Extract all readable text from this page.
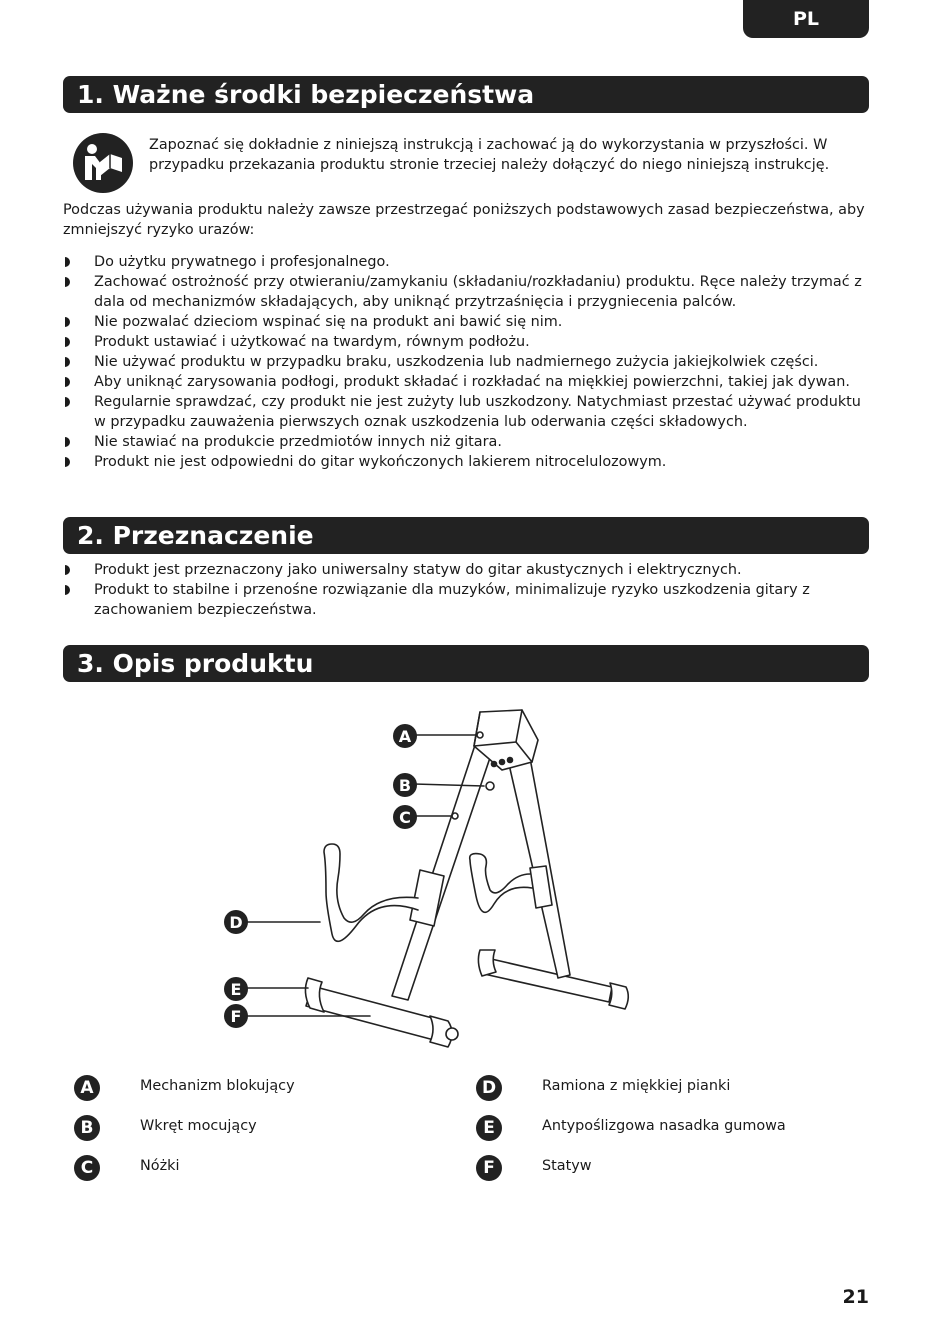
PL
1. Ważne środki bezpieczeństwa
Zapoznać się dokładnie z niniejszą instrukcją i zachować ją do wykorzystania w przyszłości. W przypadku przekazania produktu stronie trzeciej należy dołączyć do niego niniejszą instrukcję.
Podczas używania produktu należy zawsze przestrzegać poniższych podstawowych zasad bezpieczeństwa, aby zmniejszyć ryzyko urazów:
Do użytku prywatnego i profesjonalnego.
Zachować ostrożność przy otwieraniu/zamykaniu (składaniu/rozkładaniu) produktu. Ręce należy trzymać z dala od mechanizmów składających, aby uniknąć przytrzaśnięcia i przygniecenia palców.
Nie pozwalać dzieciom wspinać się na produkt ani bawić się nim.
Produkt ustawiać i użytkować na twardym, równym podłożu.
Nie używać produktu w przypadku braku, uszkodzenia lub nadmiernego zużycia jakiejkolwiek części.
Aby uniknąć zarysowania podłogi, produkt składać i rozkładać na miękkiej powierzchni, takiej jak dywan.
Regularnie sprawdzać, czy produkt nie jest zużyty lub uszkodzony. Natychmiast przestać używać produktu w przypadku zauważenia pierwszych oznak uszkodzenia lub oderwania części składowych.
Nie stawiać na produkcie przedmiotów innych niż gitara.
Produkt nie jest odpowiedni do gitar wykończonych lakierem nitrocelulozowym.
2. Przeznaczenie
Produkt jest przeznaczony jako uniwersalny statyw do gitar akustycznych i elektrycznych.
Produkt to stabilne i przenośne rozwiązanie dla muzyków, minimalizuje ryzyko uszkodzenia gitary z zachowaniem bezpieczeństwa.
3. Opis produktu
A
B
C
D
E
F
A	Mechanizm blokujący
B	Wkręt mocujący
C	Nóżki
D	Ramiona z miękkiej pianki
E	Antypoślizgowa nasadka gumowa
F	Statyw
21
